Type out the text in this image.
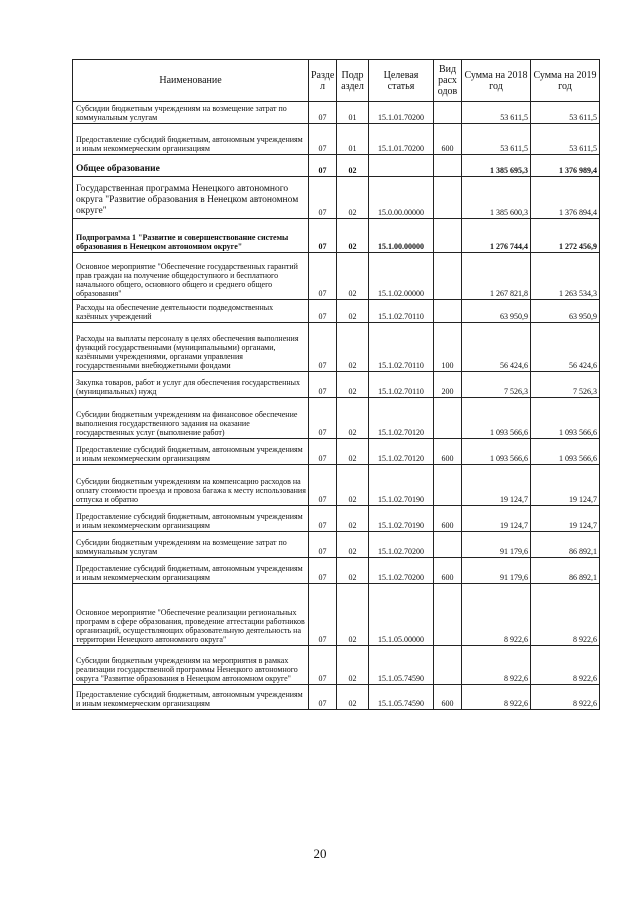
Наименование	Разде л	Подр аздел	Целевая статья	Вид расх одов	Сумма на 2018 год	Сумма на 2019 год
Субсидии бюджетным учреждениям на возмещение затрат по коммунальным услугам	07	01	15.1.01.70200		53 611,5	53 611,5
Предоставление субсидий бюджетным, автономным учреждениям и иным некоммерческим организациям	07	01	15.1.01.70200	600	53 611,5	53 611,5
Общее образование	07	02			1 385 695,3	1 376 989,4
Государственная программа Ненецкого автономного округа "Развитие образования в Ненецком автономном округе"	07	02	15.0.00.00000		1 385 600,3	1 376 894,4
Подпрограмма 1 "Развитие и совершенствование системы образования в Ненецком автономном округе"	07	02	15.1.00.00000		1 276 744,4	1 272 456,9
Основное мероприятие "Обеспечение государственных гарантий прав граждан на получение общедоступного и бесплатного начального общего, основного общего и среднего общего образования"	07	02	15.1.02.00000		1 267 821,8	1 263 534,3
Расходы на обеспечение деятельности подведомственных казённых учреждений	07	02	15.1.02.70110		63 950,9	63 950,9
Расходы на выплаты персоналу в целях обеспечения выполнения функций государственными (муниципальными) органами, казёнными учреждениями, органами управления государственными внебюджетными фондами	07	02	15.1.02.70110	100	56 424,6	56 424,6
Закупка товаров, работ и услуг для обеспечения государственных (муниципальных) нужд	07	02	15.1.02.70110	200	7 526,3	7 526,3
Субсидии бюджетным учреждениям на финансовое обеспечение выполнения государственного задания на оказание государственных услуг (выполнение работ)	07	02	15.1.02.70120		1 093 566,6	1 093 566,6
Предоставление субсидий бюджетным, автономным учреждениям и иным некоммерческим организациям	07	02	15.1.02.70120	600	1 093 566,6	1 093 566,6
Субсидии бюджетным учреждениям на компенсацию расходов на оплату стоимости проезда и провоза багажа к месту использования отпуска и обратно	07	02	15.1.02.70190		19 124,7	19 124,7
Предоставление субсидий бюджетным, автономным учреждениям и иным некоммерческим организациям	07	02	15.1.02.70190	600	19 124,7	19 124,7
Субсидии бюджетным учреждениям на возмещение затрат по коммунальным услугам	07	02	15.1.02.70200		91 179,6	86 892,1
Предоставление субсидий бюджетным, автономным учреждениям и иным некоммерческим организациям	07	02	15.1.02.70200	600	91 179,6	86 892,1
Основное мероприятие "Обеспечение реализации региональных программ в сфере образования, проведение аттестации работников организаций, осуществляющих образовательную деятельность на территории Ненецкого автономного округа"	07	02	15.1.05.00000		8 922,6	8 922,6
Субсидии бюджетным учреждениям на мероприятия в рамках реализации государственной программы Ненецкого автономного округа "Развитие образования в Ненецком автономном округе"	07	02	15.1.05.74590		8 922,6	8 922,6
Предоставление субсидий бюджетным, автономным учреждениям и иным некоммерческим организациям	07	02	15.1.05.74590	600	8 922,6	8 922,6
20
